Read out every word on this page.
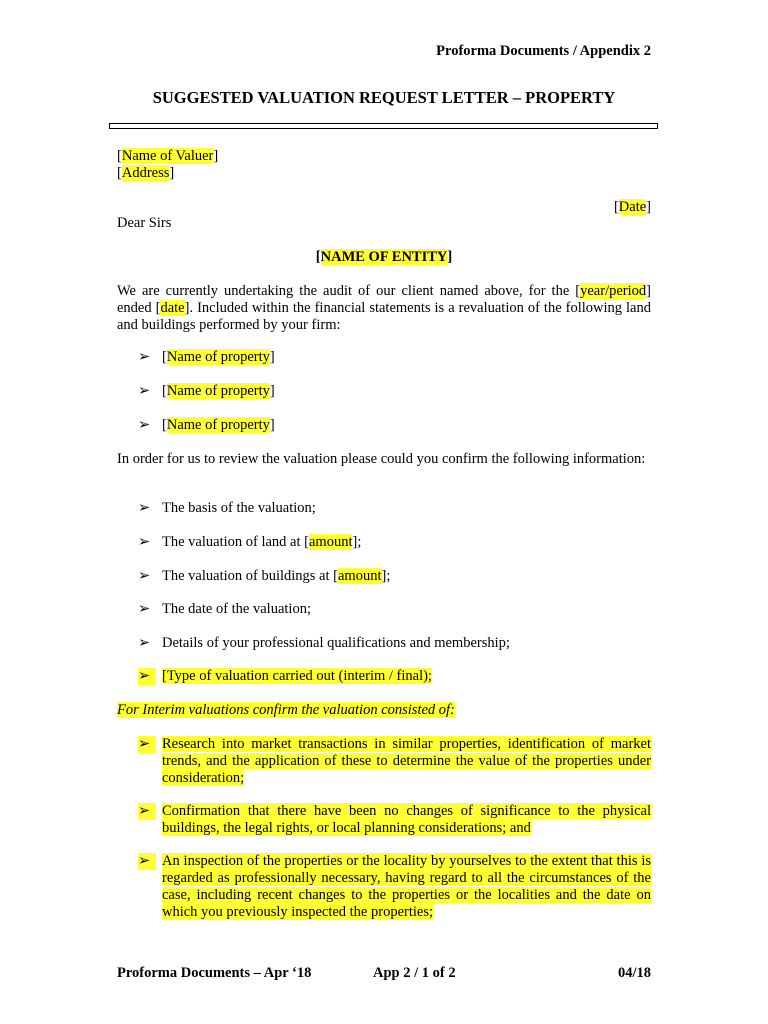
Proforma Documents / Appendix 2
SUGGESTED VALUATION REQUEST LETTER – PROPERTY
[Name of Valuer]
[Address]
[Date]
Dear Sirs
[NAME OF ENTITY]
We are currently undertaking the audit of our client named above, for the [year/period] ended [date]. Included within the financial statements is a revaluation of the following land and buildings performed by your firm:
➢ [Name of property]
➢ [Name of property]
➢ [Name of property]
In order for us to review the valuation please could you confirm the following information:
➢ The basis of the valuation;
➢ The valuation of land at [amount];
➢ The valuation of buildings at [amount];
➢ The date of the valuation;
➢ Details of your professional qualifications and membership;
➢ [Type of valuation carried out (interim / final);
For Interim valuations confirm the valuation consisted of:
➢ Research into market transactions in similar properties, identification of market trends, and the application of these to determine the value of the properties under consideration;
➢ Confirmation that there have been no changes of significance to the physical buildings, the legal rights, or local planning considerations; and
➢ An inspection of the properties or the locality by yourselves to the extent that this is regarded as professionally necessary, having regard to all the circumstances of the case, including recent changes to the properties or the localities and the date on which you previously inspected the properties;
Proforma Documents – Apr ‘18	App 2 / 1 of 2	04/18
